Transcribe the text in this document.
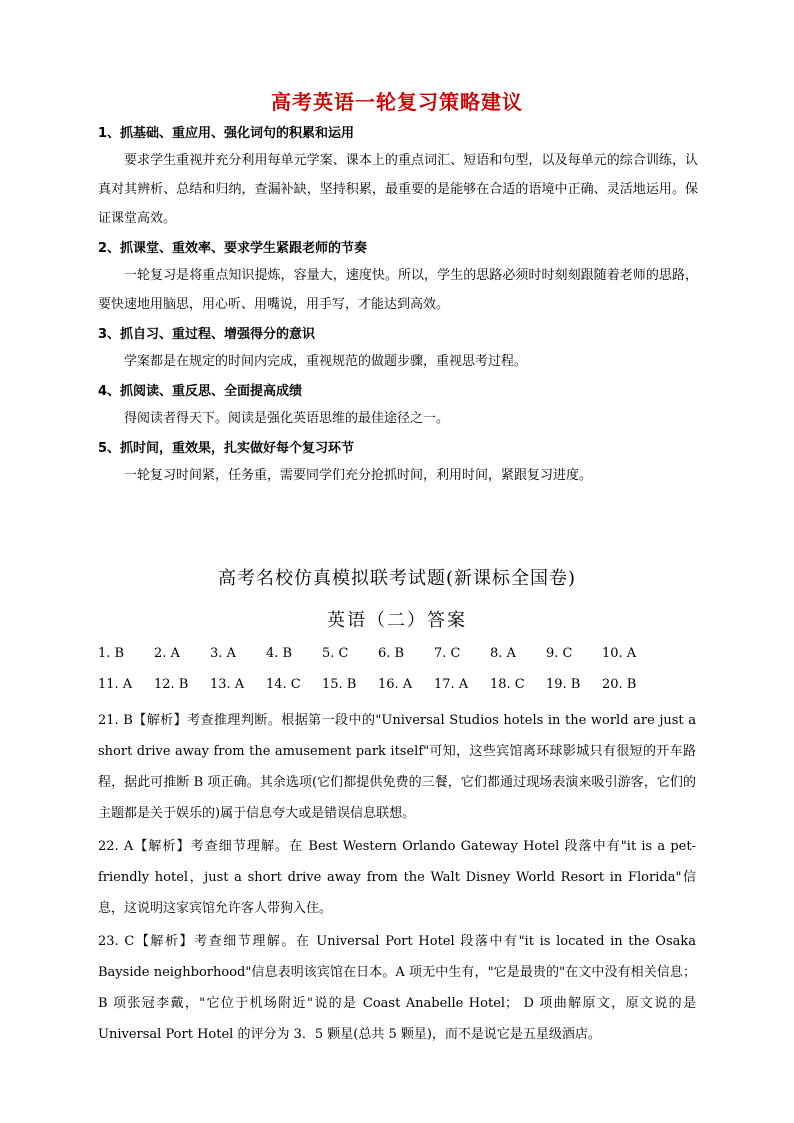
高考英语一轮复习策略建议
1、抓基础、重应用、强化词句的积累和运用
要求学生重视并充分利用每单元学案、课本上的重点词汇、短语和句型，以及每单元的综合训练，认真对其辨析、总结和归纳，查漏补缺，坚持积累，最重要的是能够在合适的语境中正确、灵活地运用。保证课堂高效。
2、抓课堂、重效率、要求学生紧跟老师的节奏
一轮复习是将重点知识提炼，容量大，速度快。所以，学生的思路必须时时刻刻跟随着老师的思路，要快速地用脑思，用心听、用嘴说，用手写，才能达到高效。
3、抓自习、重过程、增强得分的意识
学案都是在规定的时间内完成，重视规范的做题步骤，重视思考过程。
4、抓阅读、重反思、全面提高成绩
得阅读者得天下。阅读是强化英语思维的最佳途径之一。
5、抓时间，重效果，扎实做好每个复习环节
一轮复习时间紧，任务重，需要同学们充分抢抓时间，利用时间，紧跟复习进度。
高考名校仿真模拟联考试题(新课标全国卷)
英语（二）答案
1. B 2. A 3. A 4. B 5. C 6. B 7. C 8. A 9. C 10. A
11. A 12. B 13. A 14. C 15. B 16. A 17. A 18. C 19. B 20. B
21. B【解析】考查推理判断。根据第一段中的"Universal Studios hotels in the world are just a short drive away from the amusement park itself"可知，这些宾馆离环球影城只有很短的开车路程，据此可推断 B 项正确。其余选项(它们都提供免费的三餐，它们都通过现场表演来吸引游客，它们的主题都是关于娱乐的)属于信息夸大或是错误信息联想。
22. A【解析】考查细节理解。在 Best Western Orlando Gateway Hotel 段落中有"it is a pet-friendly hotel，just a short drive away from the Walt Disney World Resort in Florida"信息，这说明这家宾馆允许客人带狗入住。
23. C【解析】考查细节理解。在 Universal Port Hotel 段落中有"it is located in the Osaka Bayside neighborhood"信息表明该宾馆在日本。A 项无中生有，"它是最贵的"在文中没有相关信息；B 项张冠李戴，"它位于机场附近"说的是 Coast Anabelle Hotel； D 项曲解原文，原文说的是 Universal Port Hotel 的评分为 3．5 颗星(总共 5 颗星)，而不是说它是五星级酒店。
